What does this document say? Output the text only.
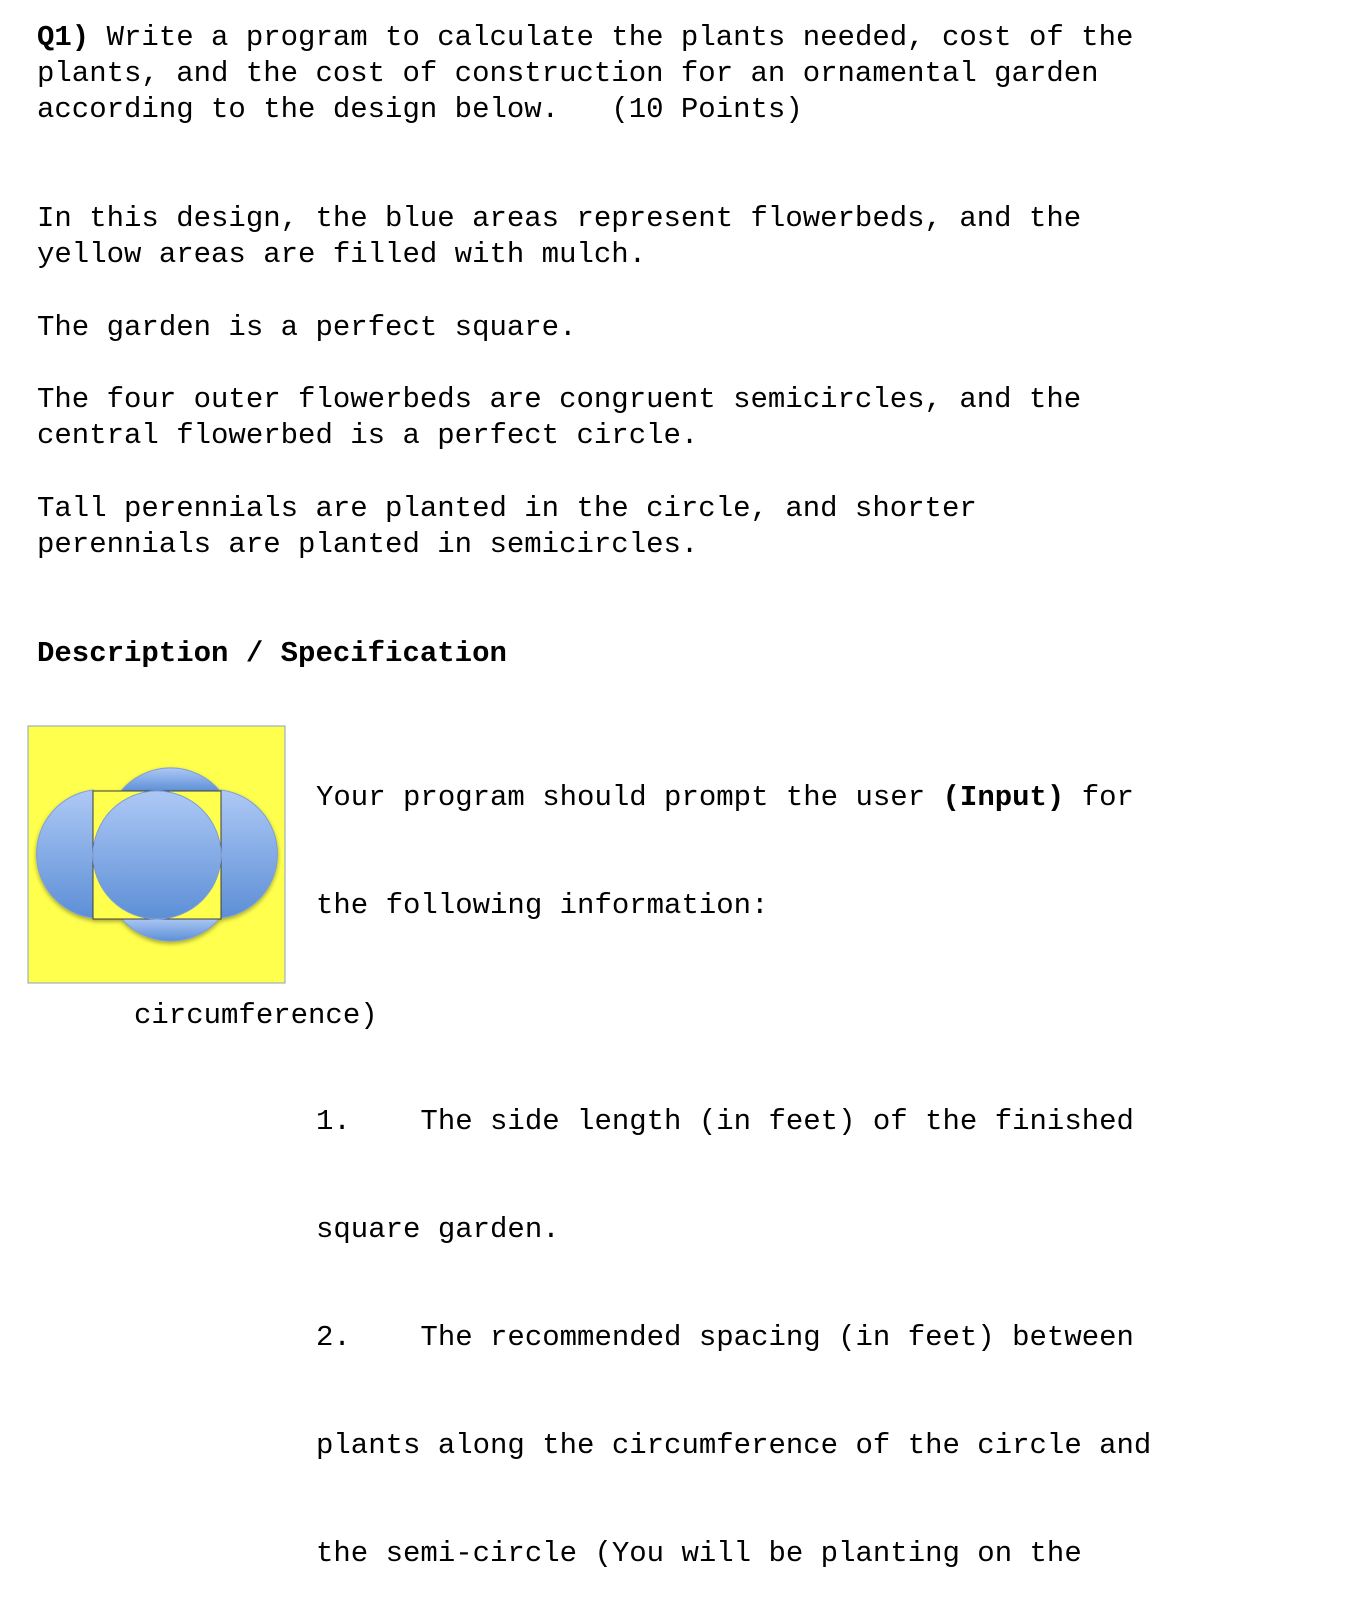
Q1) Write a program to calculate the plants needed, cost of the
plants, and the cost of construction for an ornamental garden
according to the design below.   (10 Points)
In this design, the blue areas represent flowerbeds, and the
yellow areas are filled with mulch.
The garden is a perfect square.
The four outer flowerbeds are congruent semicircles, and the
central flowerbed is a perfect circle.
Tall perennials are planted in the circle, and shorter
perennials are planted in semicircles.
Description / Specification

Your program should prompt the user (Input) for

the following information:

1.    The side length (in feet) of the finished

square garden.

2.    The recommended spacing (in feet) between

plants along the circumference of the circle and

the semi-circle (You will be planting on the

circumference)
